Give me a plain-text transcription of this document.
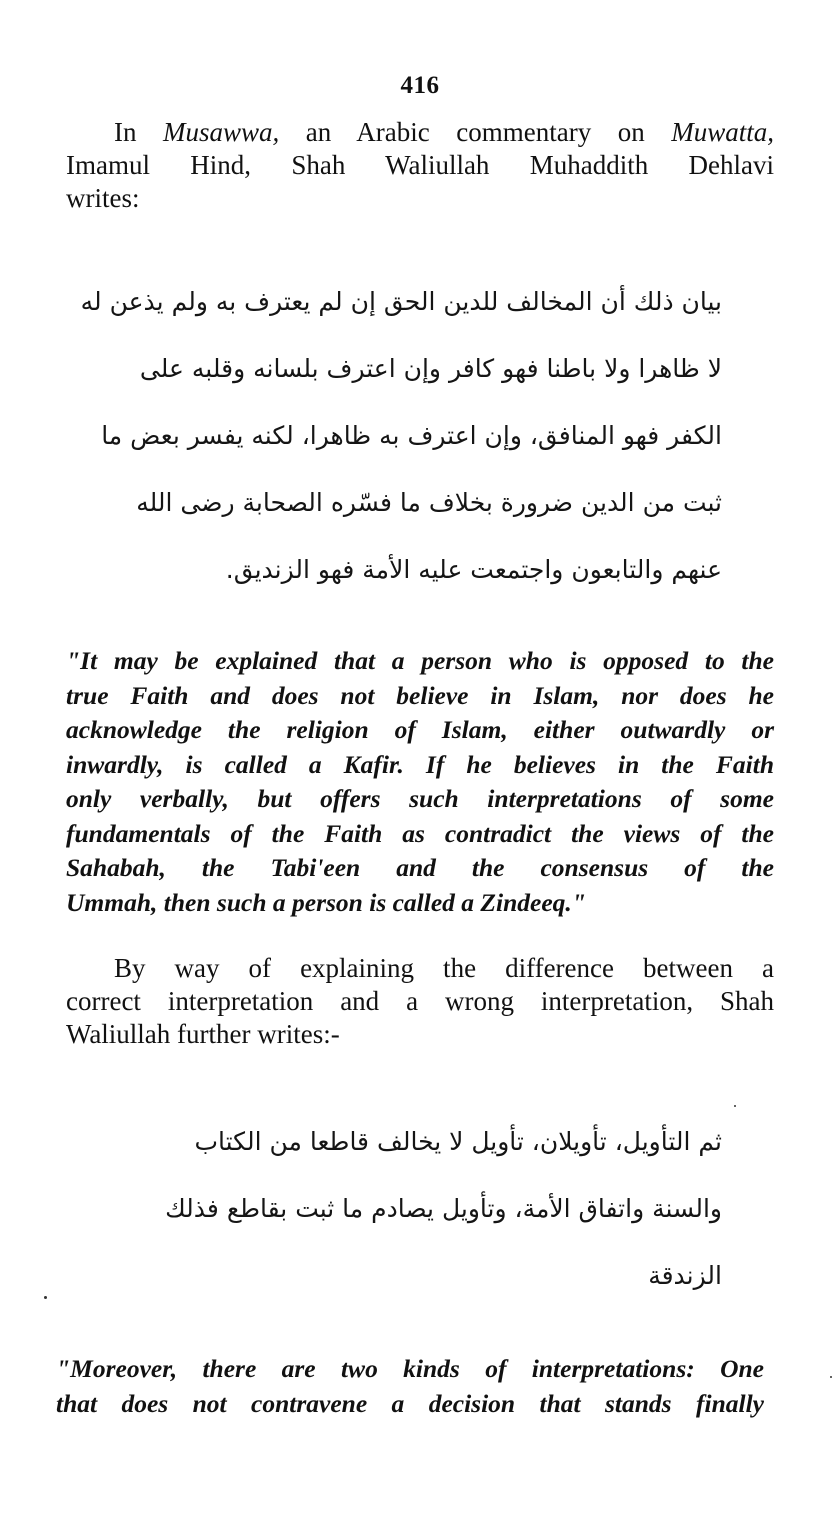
416
In Musawwa, an Arabic commentary on Muwatta,
Imamul Hind, Shah Waliullah Muhaddith Dehlavi
writes:
بيان ذلك أن المخالف للدين الحق إن لم يعترف به ولم يذعن له
لا ظاهرا ولا باطنا فهو كافر وإن اعترف بلسانه وقلبه على
الكفر فهو المنافق، وإن اعترف به ظاهرا، لكنه يفسر بعض ما
ثبت من الدين ضرورة بخلاف ما فسّره الصحابة رضى الله
عنهم والتابعون واجتمعت عليه الأمة فهو الزنديق.
"It may be explained that a person who is opposed to the
true Faith and does not believe in Islam, nor does he
acknowledge the religion of Islam, either outwardly or
inwardly, is called a Kafir. If he believes in the Faith
only verbally, but offers such interpretations of some
fundamentals of the Faith as contradict the views of the
Sahabah, the Tabi'een and the consensus of the
Ummah, then such a person is called a Zindeeq."
By way of explaining the difference between a
correct interpretation and a wrong interpretation, Shah
Waliullah further writes:-
ثم التأويل، تأويلان، تأويل لا يخالف قاطعا من الكتاب
والسنة واتفاق الأمة، وتأويل يصادم ما ثبت بقاطع فذلك
الزندقة
"Moreover, there are two kinds of interpretations: One
that does not contravene a decision that stands finally
